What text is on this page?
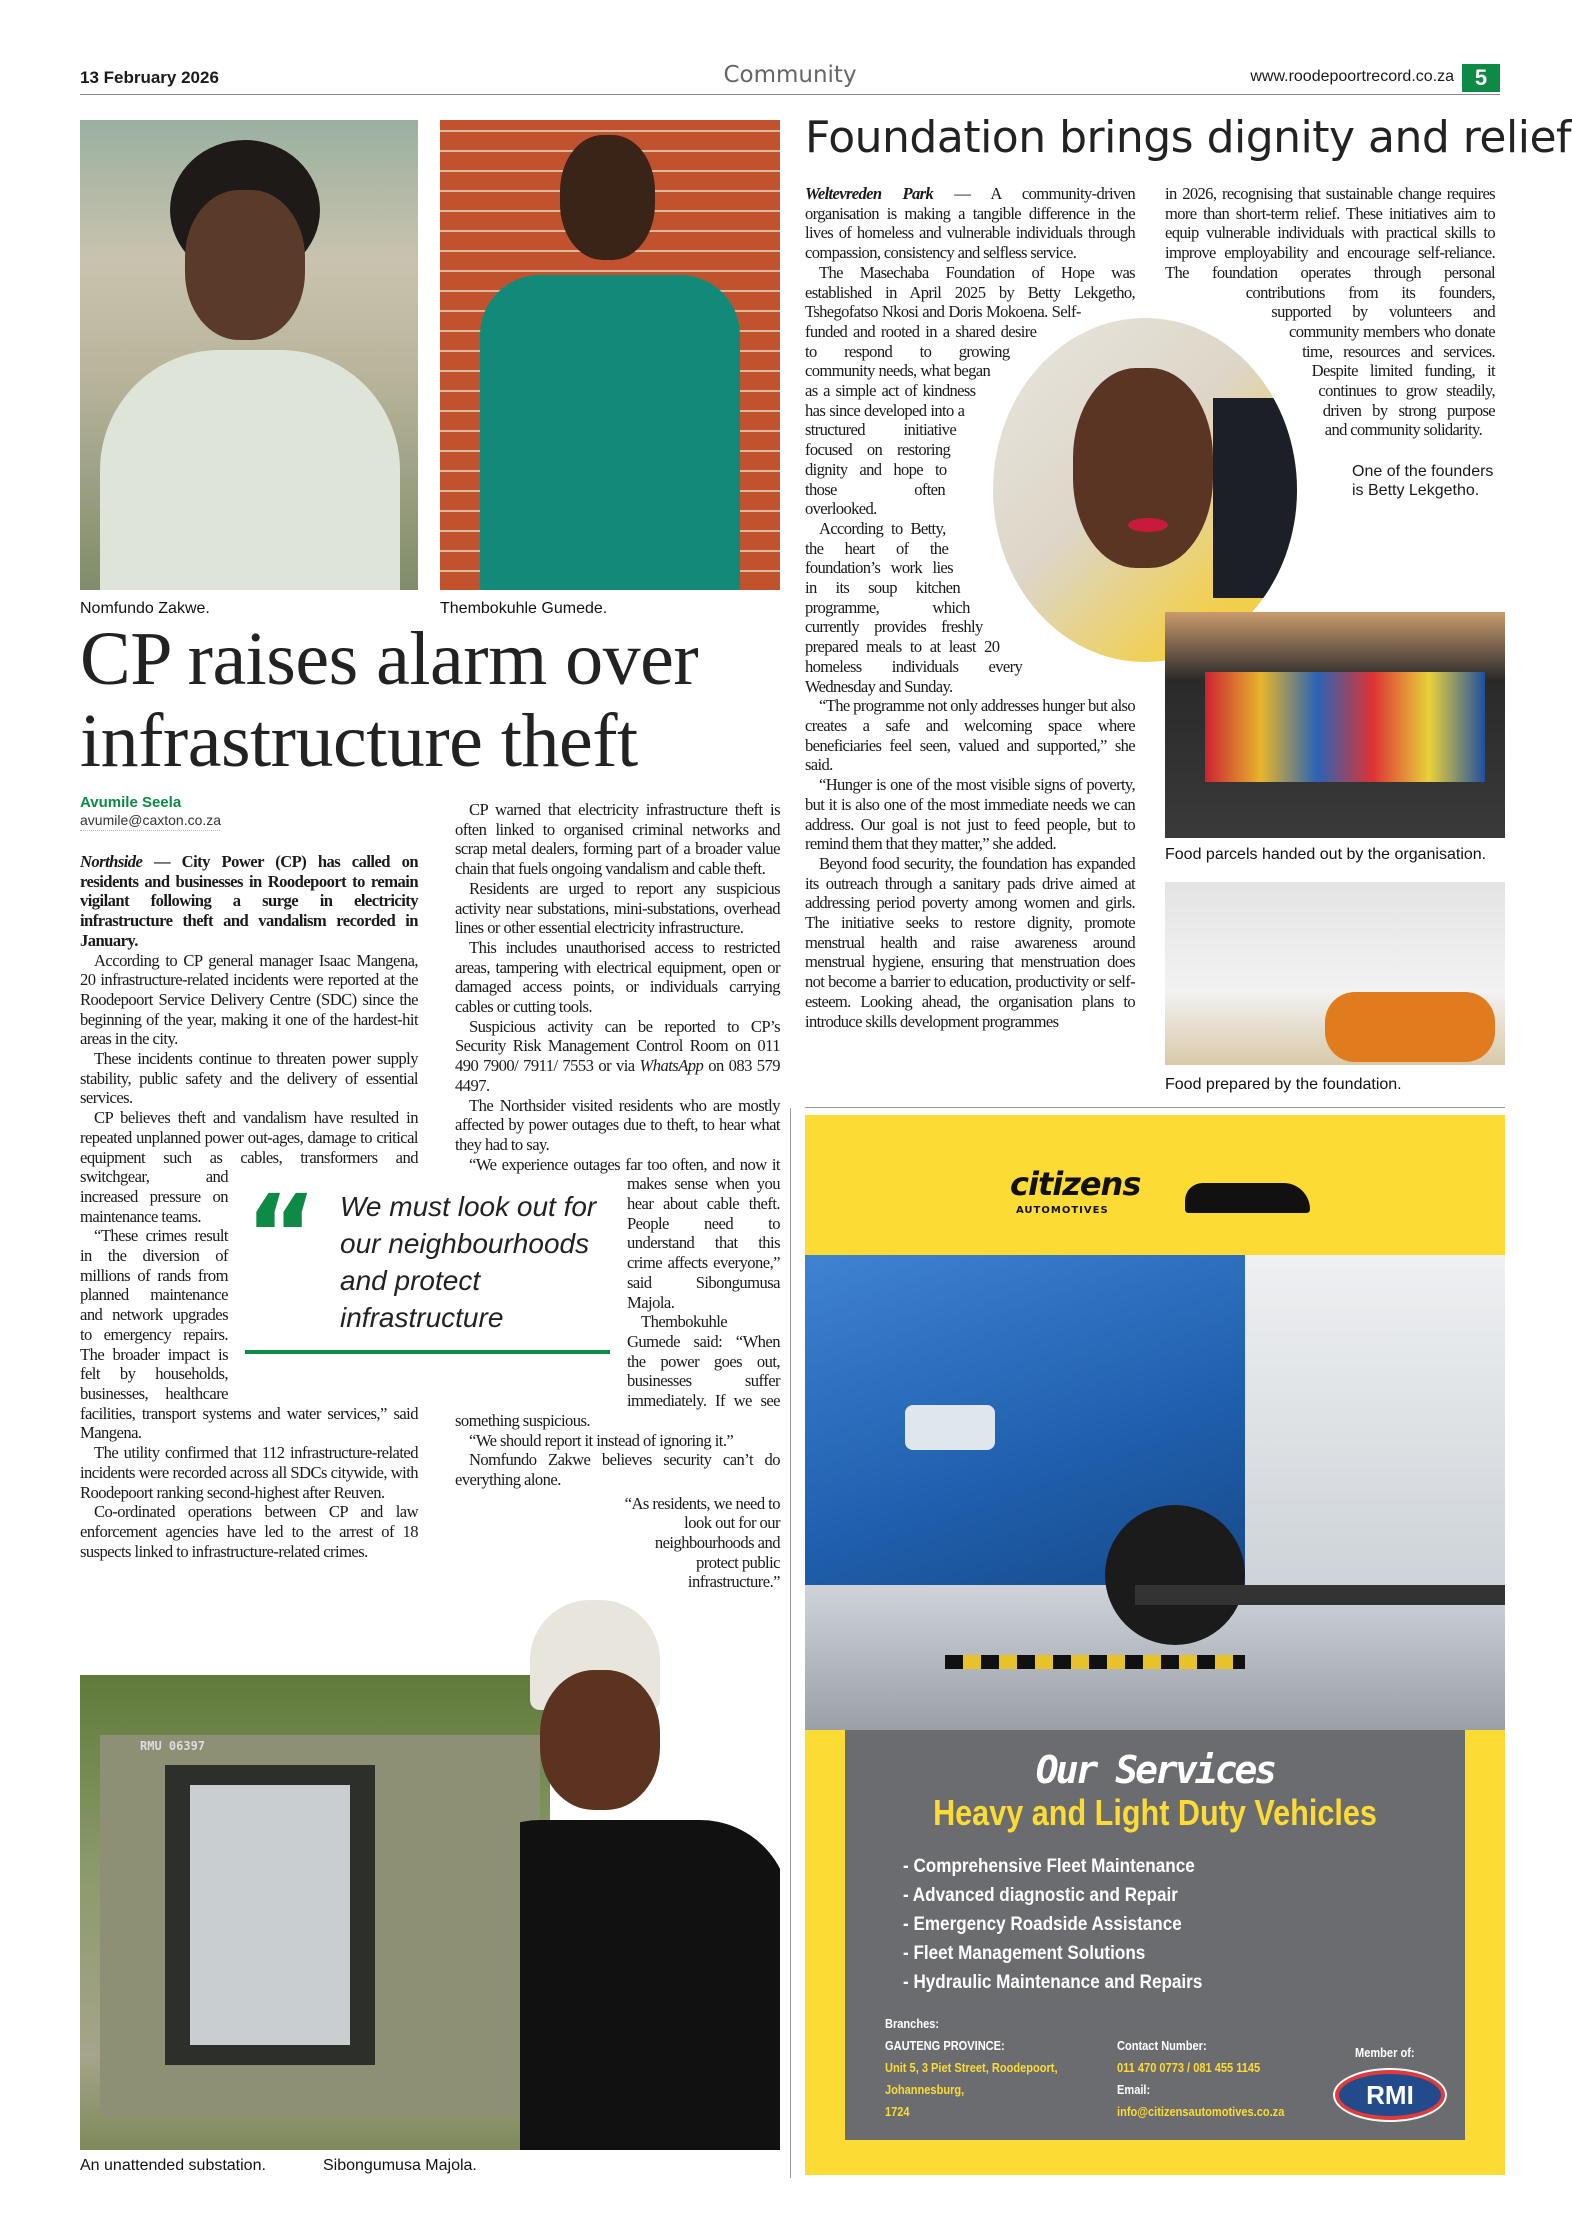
13 February 2026	Community	www.roodepoortrecord.co.za 5
Nomfundo Zakwe.	Thembokuhle Gumede.
CP raises alarm over infrastructure theft
Avumile Seela
avumile@caxton.co.za

Northside — City Power (CP) has called on residents and businesses in Roodepoort to remain vigilant following a surge in electricity infrastructure theft and vandalism recorded in January.

According to CP general manager Isaac Mangena, 20 infrastructure-related incidents were reported at the Roodepoort Service Delivery Centre (SDC) since the beginning of the year, making it one of the hardest-hit areas in the city.

These incidents continue to threaten power supply stability, public safety and the delivery of essential services.

CP believes theft and vandalism have resulted in repeated unplanned power out-ages, damage to critical equipment such as cables, transformers and switchgear, and increased pressure on maintenance teams.

“These crimes result in the diversion of millions of rands from planned maintenance and network upgrades to emergency repairs. The broader impact is felt by households, businesses, healthcare facilities, transport systems and water services,” said Mangena.

The utility confirmed that 112 infrastructure-related incidents were recorded across all SDCs citywide, with Roodepoort ranking second-highest after Reuven.

Co-ordinated operations between CP and law enforcement agencies have led to the arrest of 18 suspects linked to infrastructure-related crimes.

CP warned that electricity infrastructure theft is often linked to organised criminal networks and scrap metal dealers, forming part of a broader value chain that fuels ongoing vandalism and cable theft.

Residents are urged to report any suspicious activity near substations, mini-substations, overhead lines or other essential electricity infrastructure.

This includes unauthorised access to restricted areas, tampering with electrical equipment, open or damaged access points, or individuals carrying cables or cutting tools.

Suspicious activity can be reported to CP’s Security Risk Management Control Room on 011 490 7900/ 7911/ 7553 or via WhatsApp on 083 579 4497.

The Northsider visited residents who are mostly affected by power outages due to theft, to hear what they had to say.

“We experience outages far too often, and now it makes sense when you hear about cable theft. People need to understand that this crime affects everyone,” said Sibongumusa Majola.

Thembokuhle Gumede said: “When the power goes out, businesses suffer immediately. If we see something suspicious.

“We should report it instead of ignoring it.”

Nomfundo Zakwe believes security can’t do everything alone.

“As residents, we need to look out for our neighbourhoods and protect public infrastructure.”

“ We must look out for our neighbourhoods and protect infrastructure
RMU 06397
An unattended substation.	Sibongumusa Majola.
Foundation brings dignity and relief

Weltevreden Park — A community-driven organisation is making a tangible difference in the lives of homeless and vulnerable individuals through compassion, consistency and selfless service.

The Masechaba Foundation of Hope was established in April 2025 by Betty Lekgetho, Tshegofatso Nkosi and Doris Mokoena. Self-funded and rooted in a shared desire to respond to growing community needs, what began as a simple act of kindness has since developed into a structured initiative focused on restoring dignity and hope to those often overlooked.

According to Betty, the heart of the foundation’s work lies in its soup kitchen programme, which currently provides freshly prepared meals to at least 20 homeless individuals every Wednesday and Sunday.

“The programme not only addresses hunger but also creates a safe and welcoming space where beneficiaries feel seen, valued and supported,” she said.

“Hunger is one of the most visible signs of poverty, but it is also one of the most immediate needs we can address. Our goal is not just to feed people, but to remind them that they matter,” she added.

Beyond food security, the foundation has expanded its outreach through a sanitary pads drive aimed at addressing period poverty among women and girls. The initiative seeks to restore dignity, promote menstrual health and raise awareness around menstrual hygiene, ensuring that menstruation does not become a barrier to education, productivity or self-esteem. Looking ahead, the organisation plans to introduce skills development programmes

in 2026, recognising that sustainable change requires more than short-term relief. These initiatives aim to equip vulnerable individuals with practical skills to improve employability and encourage self-reliance. The foundation operates through personal contributions from its founders, supported by volunteers and community members who donate time, resources and services. Despite limited funding, it continues to grow steadily, driven by strong purpose and community solidarity.

One of the founders is Betty Lekgetho.
Food parcels handed out by the organisation.
Food prepared by the foundation.
citizens
AUTOMOTIVES
Our Services
Heavy and Light Duty Vehicles
- Comprehensive Fleet Maintenance
- Advanced diagnostic and Repair
- Emergency Roadside Assistance
- Fleet Management Solutions
- Hydraulic Maintenance and Repairs
Branches:
GAUTENG PROVINCE:
Unit 5, 3 Piet Street, Roodepoort,
Johannesburg,
1724
Contact Number:
011 470 0773 / 081 455 1145
Email:
info@citizensautomotives.co.za
Member of:
RMI
